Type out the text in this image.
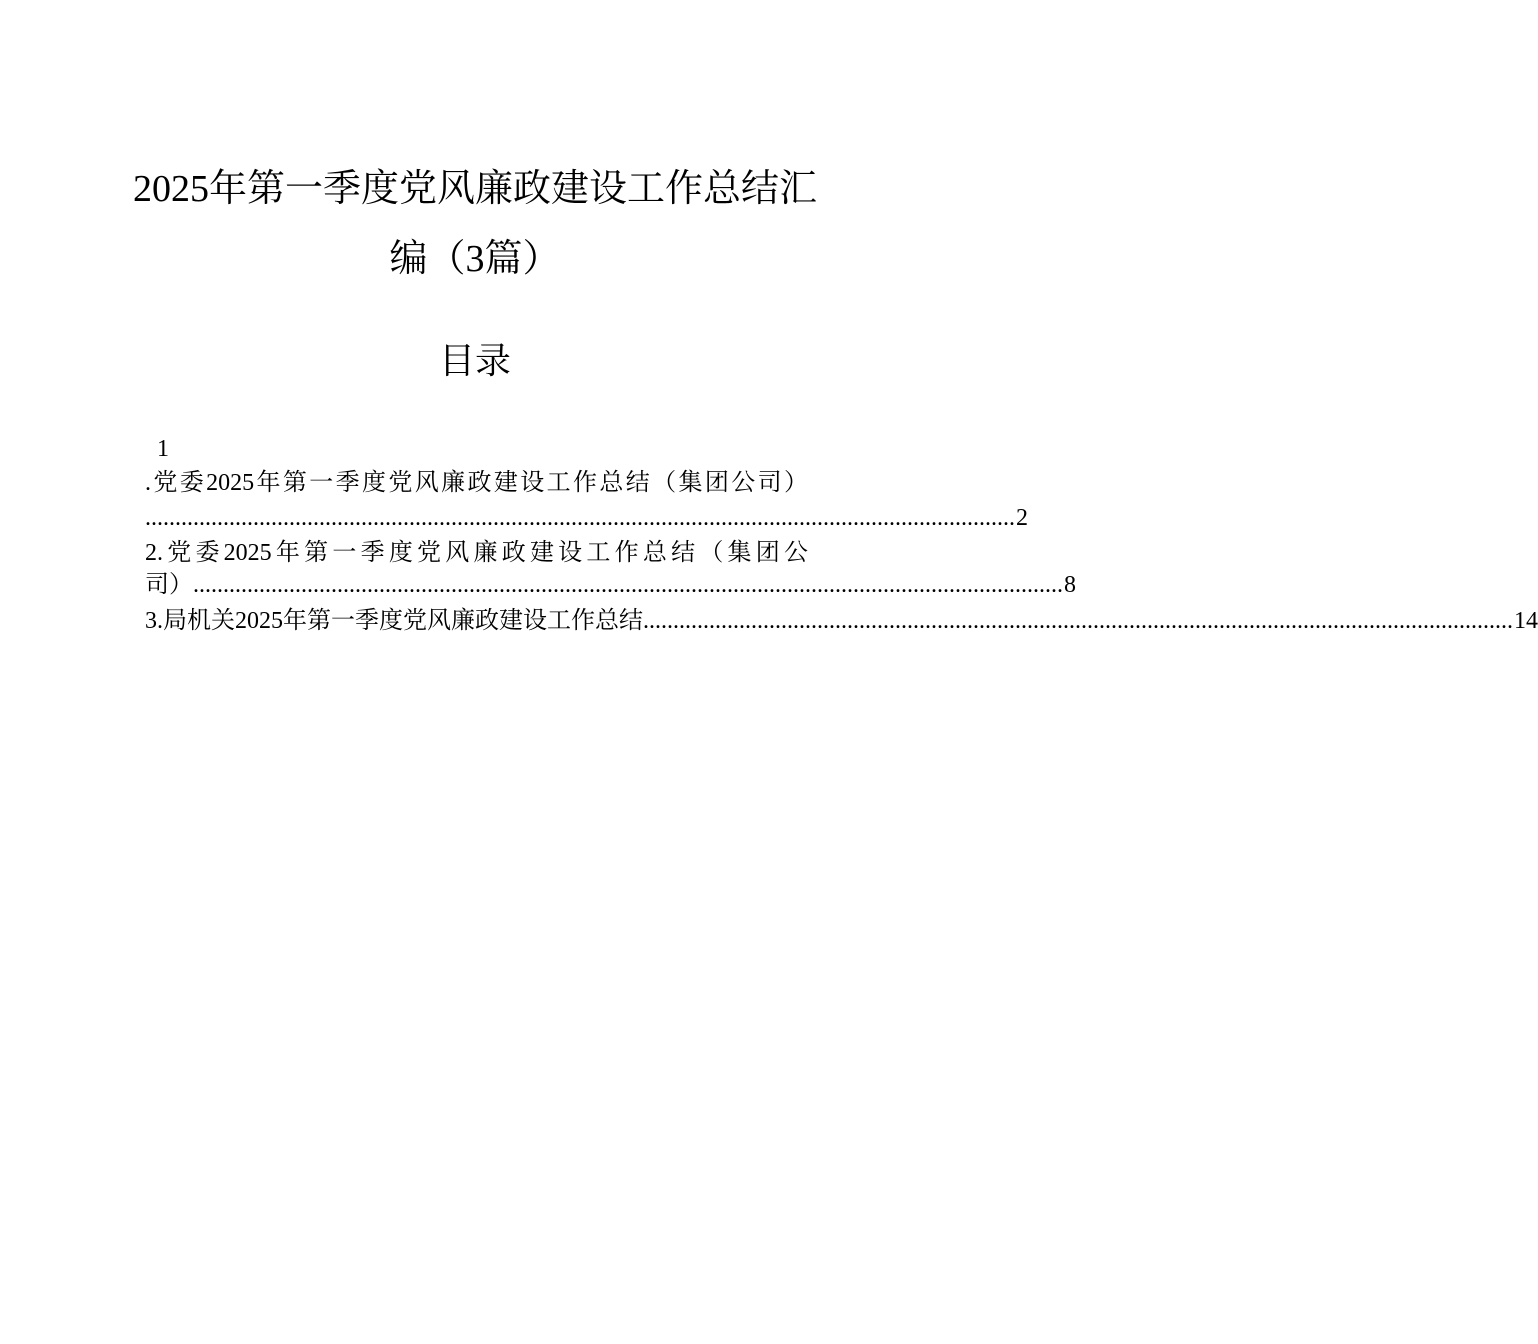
2025年第一季度党风廉政建设工作总结汇
编（3篇）
目录
1
.党委2025年第一季度党风廉政建设工作总结（集团公司）
................................................................................................................................................. 2
2.党委2025年第一季度党风廉政建设工作总结（集团公
司） ................................................................................................................................................. 8
3.局机关2025年第一季度党风廉政建设工作总结 ................................................................................................................................................. 14
